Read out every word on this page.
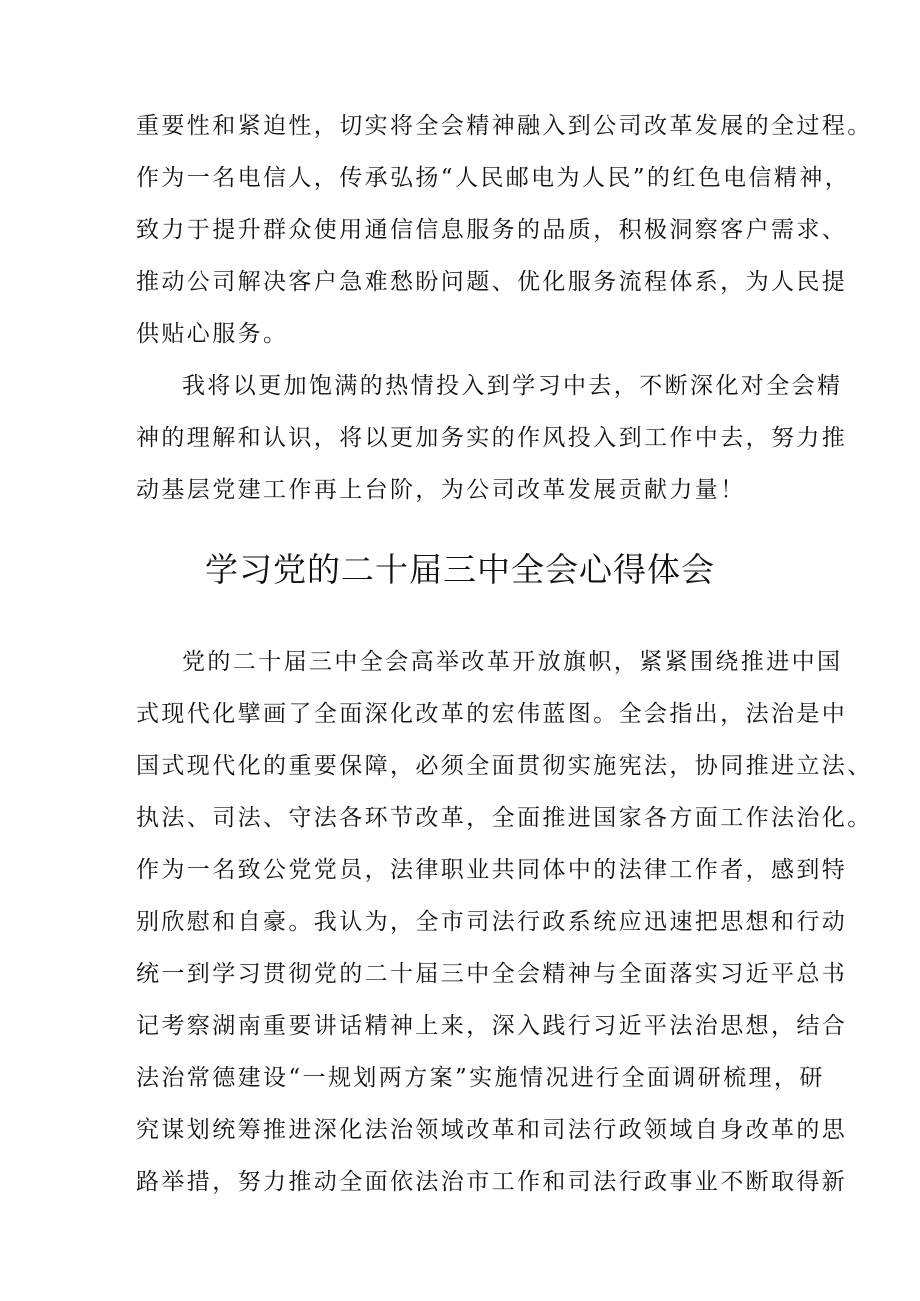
重要性和紧迫性，切实将全会精神融入到公司改革发展的全过程。
作为一名电信人，传承弘扬“人民邮电为人民”的红色电信精神，
致力于提升群众使用通信信息服务的品质，积极洞察客户需求、
推动公司解决客户急难愁盼问题、优化服务流程体系，为人民提
供贴心服务。
我将以更加饱满的热情投入到学习中去，不断深化对全会精
神的理解和认识，将以更加务实的作风投入到工作中去，努力推
动基层党建工作再上台阶，为公司改革发展贡献力量！
学习党的二十届三中全会心得体会
党的二十届三中全会高举改革开放旗帜，紧紧围绕推进中国
式现代化擘画了全面深化改革的宏伟蓝图。全会指出，法治是中
国式现代化的重要保障，必须全面贯彻实施宪法，协同推进立法、
执法、司法、守法各环节改革，全面推进国家各方面工作法治化。
作为一名致公党党员，法律职业共同体中的法律工作者，感到特
别欣慰和自豪。我认为，全市司法行政系统应迅速把思想和行动
统一到学习贯彻党的二十届三中全会精神与全面落实习近平总书
记考察湖南重要讲话精神上来，深入践行习近平法治思想，结合
法治常德建设“一规划两方案”实施情况进行全面调研梳理，研
究谋划统筹推进深化法治领域改革和司法行政领域自身改革的思
路举措，努力推动全面依法治市工作和司法行政事业不断取得新
